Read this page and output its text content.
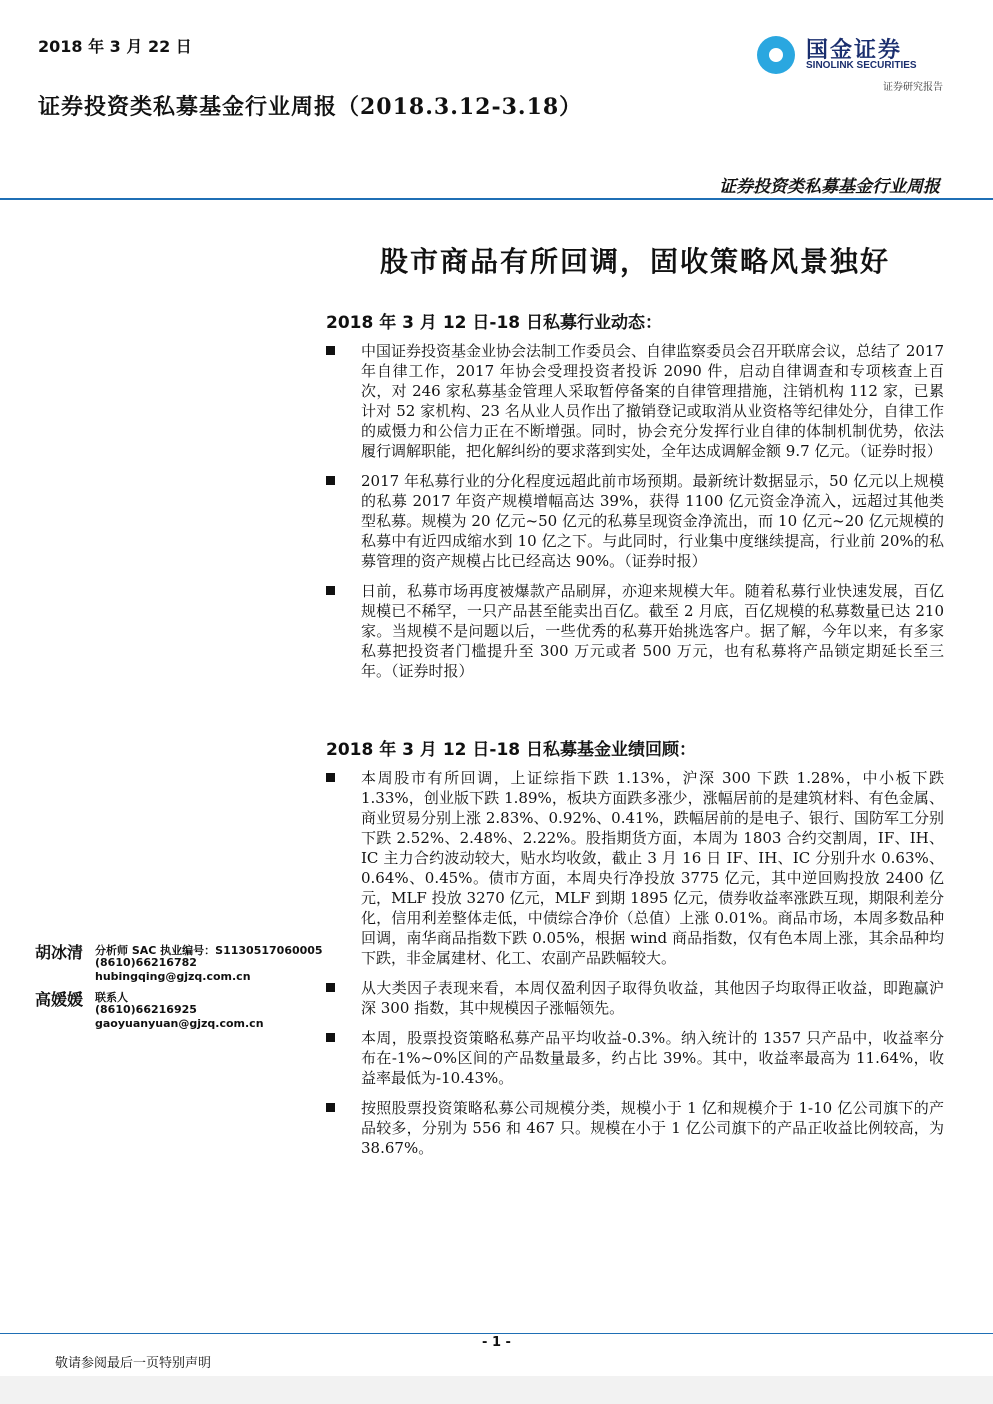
2018 年 3 月 22 日
证券投资类私募基金行业周报（2018.3.12-3.18）
国金证券
SINOLINK SECURITIES
证券研究报告
证券投资类私募基金行业周报
股市商品有所回调，固收策略风景独好
2018 年 3 月 12 日-18 日私募行业动态：
中国证券投资基金业协会法制工作委员会、自律监察委员会召开联席会议，总结了 2017 年自律工作，2017 年协会受理投资者投诉 2090 件，启动自律调查和专项核查上百次，对 246 家私募基金管理人采取暂停备案的自律管理措施，注销机构 112 家，已累计对 52 家机构、23 名从业人员作出了撤销登记或取消从业资格等纪律处分，自律工作的威慑力和公信力正在不断增强。同时，协会充分发挥行业自律的体制机制优势，依法履行调解职能，把化解纠纷的要求落到实处，全年达成调解金额 9.7 亿元。（证券时报）
2017 年私募行业的分化程度远超此前市场预期。最新统计数据显示，50 亿元以上规模的私募 2017 年资产规模增幅高达 39%，获得 1100 亿元资金净流入，远超过其他类型私募。规模为 20 亿元~50 亿元的私募呈现资金净流出，而 10 亿元~20 亿元规模的私募中有近四成缩水到 10 亿之下。与此同时，行业集中度继续提高，行业前 20%的私募管理的资产规模占比已经高达 90%。（证券时报）
日前，私募市场再度被爆款产品刷屏，亦迎来规模大年。随着私募行业快速发展，百亿规模已不稀罕，一只产品甚至能卖出百亿。截至 2 月底，百亿规模的私募数量已达 210 家。当规模不是问题以后，一些优秀的私募开始挑选客户。据了解，今年以来，有多家私募把投资者门槛提升至 300 万元或者 500 万元，也有私募将产品锁定期延长至三年。（证券时报）
2018 年 3 月 12 日-18 日私募基金业绩回顾：
本周股市有所回调，上证综指下跌 1.13%，沪深 300 下跌 1.28%，中小板下跌 1.33%，创业版下跌 1.89%，板块方面跌多涨少，涨幅居前的是建筑材料、有色金属、商业贸易分别上涨 2.83%、0.92%、0.41%，跌幅居前的是电子、银行、国防军工分别下跌 2.52%、2.48%、2.22%。股指期货方面，本周为 1803 合约交割周，IF、IH、IC 主力合约波动较大，贴水均收敛，截止 3 月 16 日 IF、IH、IC 分别升水 0.63%、0.64%、0.45%。债市方面，本周央行净投放 3775 亿元，其中逆回购投放 2400 亿元，MLF 投放 3270 亿元，MLF 到期 1895 亿元，债券收益率涨跌互现，期限利差分化，信用利差整体走低，中债综合净价（总值）上涨 0.01%。商品市场，本周多数品种回调，南华商品指数下跌 0.05%，根据 wind 商品指数，仅有色本周上涨，其余品种均下跌，非金属建材、化工、农副产品跌幅较大。
从大类因子表现来看，本周仅盈利因子取得负收益，其他因子均取得正收益，即跑赢沪深 300 指数，其中规模因子涨幅领先。
本周，股票投资策略私募产品平均收益-0.3%。纳入统计的 1357 只产品中，收益率分布在-1%~0%区间的产品数量最多，约占比 39%。其中，收益率最高为 11.64%，收益率最低为-10.43%。
按照股票投资策略私募公司规模分类，规模小于 1 亿和规模介于 1-10 亿公司旗下的产品较多，分别为 556 和 467 只。规模在小于 1 亿公司旗下的产品正收益比例较高，为 38.67%。
胡冰清 分析师 SAC 执业编号：S1130517060005
(8610)66216782
hubingqing@gjzq.com.cn
高媛媛 联系人
(8610)66216925
gaoyuanyuan@gjzq.com.cn
- 1 -
敬请参阅最后一页特别声明
